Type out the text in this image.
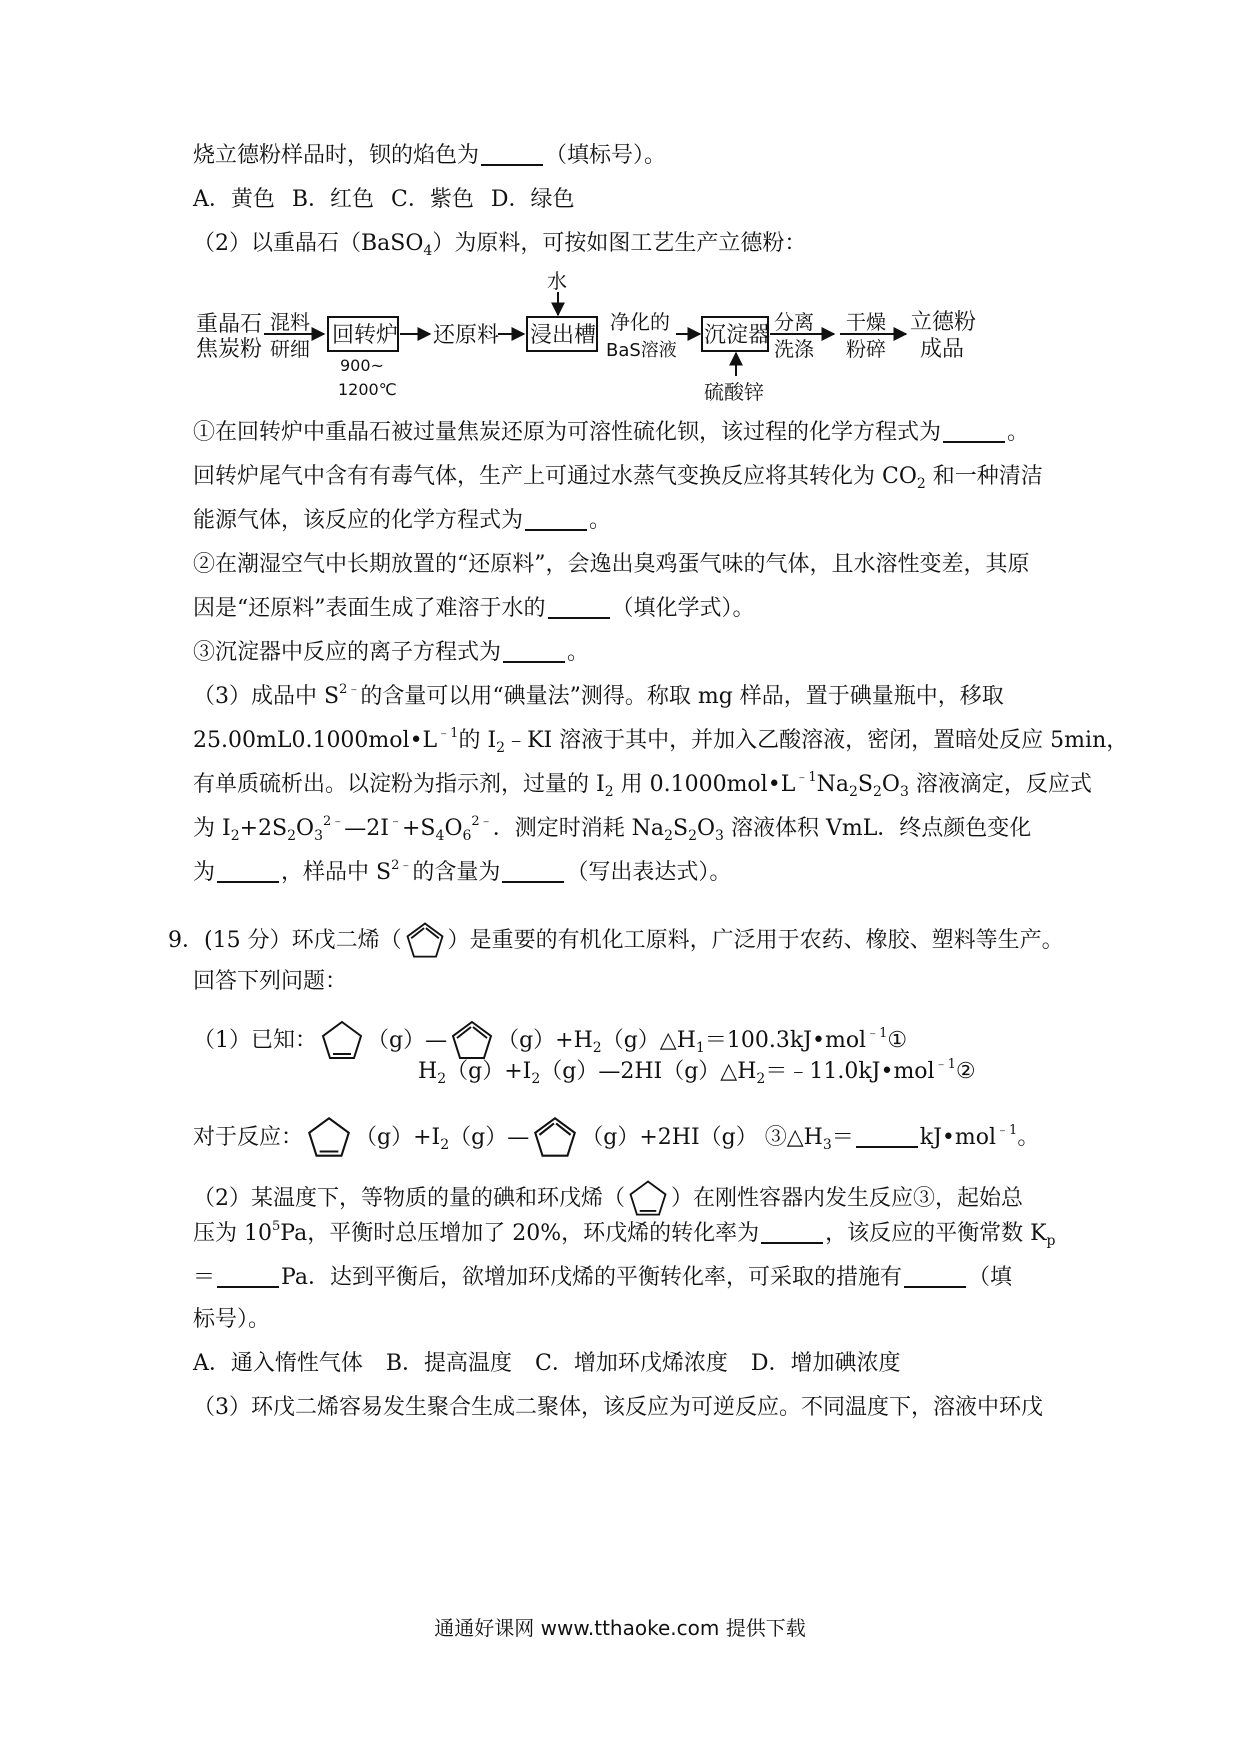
烧立德粉样品时，钡的焰色为	（填标号）。
A．黄色 B．红色 C．紫色 D．绿色
（2）以重晶石（BaSO$_4$）为原料，可按如图工艺生产立德粉：
重晶石
焦炭粉
混料
研细
回转炉
900~
1200℃
还原料
水
浸出槽
净化的
BaS溶液
沉淀器
硫酸锌
分离
洗涤
干燥
粉碎
立德粉
成品
①在回转炉中重晶石被过量焦炭还原为可溶性硫化钡，该过程的化学方程式为	。
回转炉尾气中含有有毒气体，生产上可通过水蒸气变换反应将其转化为 $CO_2$ 和一种清洁
能源气体，该反应的化学方程式为	。
②在潮湿空气中长期放置的“还原料”，会逸出臭鸡蛋气味的气体，且水溶性变差，其原
因是“还原料”表面生成了难溶于水的	（填化学式）。
③沉淀器中反应的离子方程式为	。
（3）成品中 $S^{2﹣}$的含量可以用“碘量法”测得。称取 mg 样品，置于碘量瓶中，移取
$25.00mL0.1000mol•L^{﹣1}$的 $I_2﹣KI$ 溶液于其中，并加入乙酸溶液，密闭，置暗处反应 5min，
有单质硫析出。以淀粉为指示剂，过量的 $I_2$ 用 $0.1000mol•L^{﹣1}Na_2S_2O_3$ 溶液滴定，反应式
为 $I_2+2S_2O_3^{2﹣}—2I^﹣+S_4O_6^{2﹣}$．测定时消耗 $Na_2S_2O_3$ 溶液体积 VmL．终点颜色变化
为	，样品中 $S^{2﹣}$的含量为	（写出表达式）。
9．(15 分）环戊二烯（ ）是重要的有机化工原料，广泛用于农药、橡胶、塑料等生产。
回答下列问题：
（1）已知： （g）— $(g)+H_2(g)\triangle H_1=100.3kJ•mol^{﹣1}①$
$H_2(g)+I_2(g)—2HI(g)\triangle H_2=﹣11.0kJ•mol^{﹣1}②$
对于反应： $(g)+I_2(g)—$ （g）+2HI（g） $③\triangle H_3=$	kJ•mol$^{﹣1}$。
（2）某温度下，等物质的量的碘和环戊烯（ ）在刚性容器内发生反应③，起始总
压为 $10^5Pa$，平衡时总压增加了 20%，环戊烯的转化率为	，该反应的平衡常数 $K_p$
＝	Pa．达到平衡后，欲增加环戊烯的平衡转化率，可采取的措施有	（填
标号）。
A．通入惰性气体 B．提高温度 C．增加环戊烯浓度 D．增加碘浓度
（3）环戊二烯容易发生聚合生成二聚体，该反应为可逆反应。不同温度下，溶液中环戊
通通好课网 www.tthaoke.com 提供下载
